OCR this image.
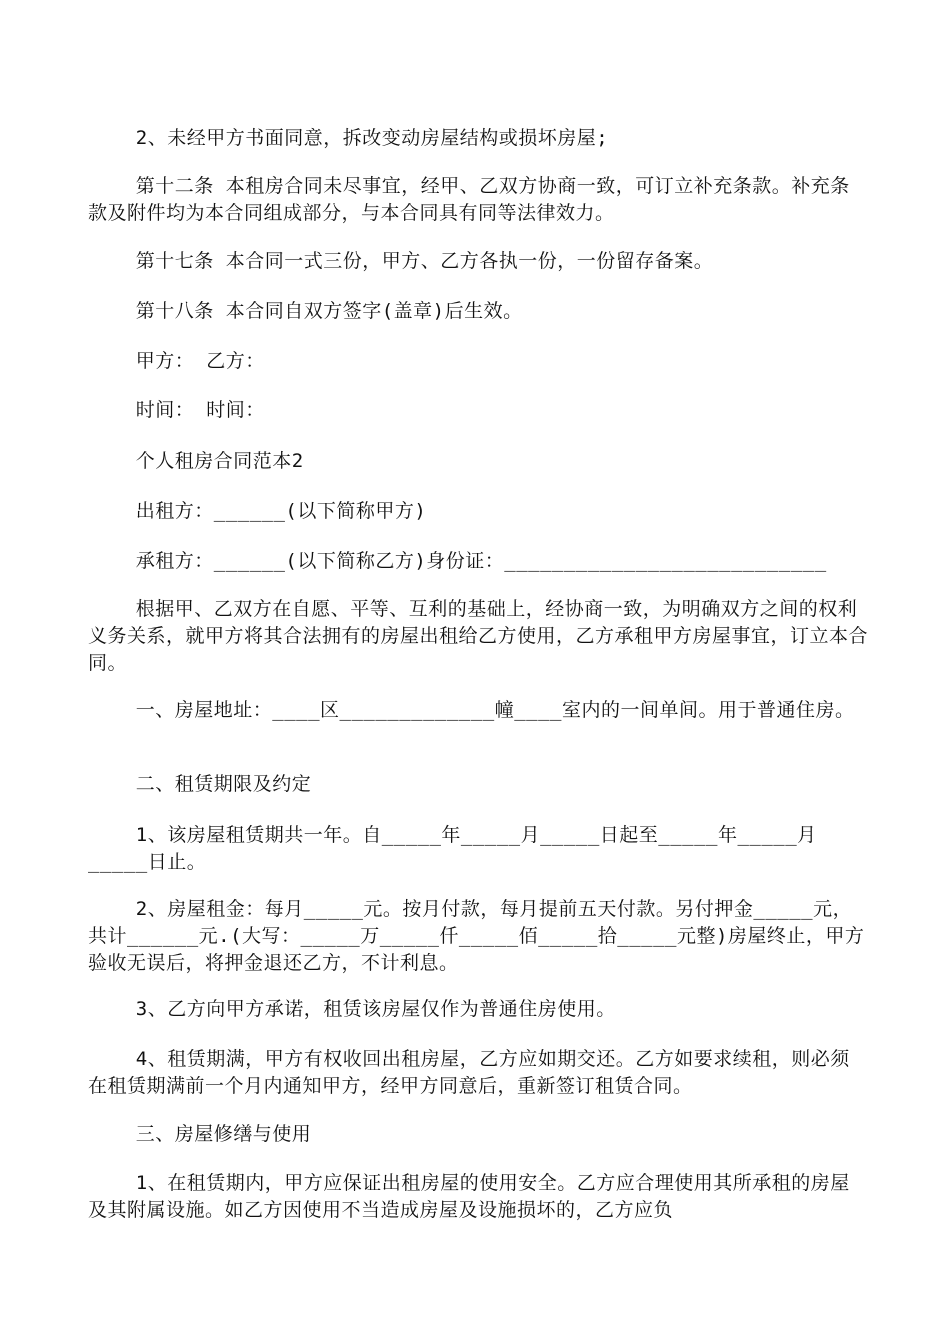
2、未经甲方书面同意，拆改变动房屋结构或损坏房屋;

第十二条 本租房合同未尽事宜，经甲、乙双方协商一致，可订立补充条款。补充条款及附件均为本合同组成部分，与本合同具有同等法律效力。

第十七条 本合同一式三份，甲方、乙方各执一份，一份留存备案。

第十八条 本合同自双方签字(盖章)后生效。

甲方： 乙方：

时间： 时间：

个人租房合同范本2

出租方：______(以下简称甲方)

承租方：______(以下简称乙方)身份证：___________________________

根据甲、乙双方在自愿、平等、互利的基础上，经协商一致，为明确双方之间的权利义务关系，就甲方将其合法拥有的房屋出租给乙方使用，乙方承租甲方房屋事宜，订立本合同。

一、房屋地址：____区_____________幢____室内的一间单间。用于普通住房。

二、租赁期限及约定

1、该房屋租赁期共一年。自_____年_____月_____日起至_____年_____月_____日止。

2、房屋租金：每月_____元。按月付款，每月提前五天付款。另付押金_____元，共计______元.(大写：_____万_____仟_____佰_____拾_____元整)房屋终止，甲方验收无误后，将押金退还乙方，不计利息。

3、乙方向甲方承诺，租赁该房屋仅作为普通住房使用。

4、租赁期满，甲方有权收回出租房屋，乙方应如期交还。乙方如要求续租，则必须在租赁期满前一个月内通知甲方，经甲方同意后，重新签订租赁合同。

三、房屋修缮与使用

1、在租赁期内，甲方应保证出租房屋的使用安全。乙方应合理使用其所承租的房屋及其附属设施。如乙方因使用不当造成房屋及设施损坏的，乙方应负
